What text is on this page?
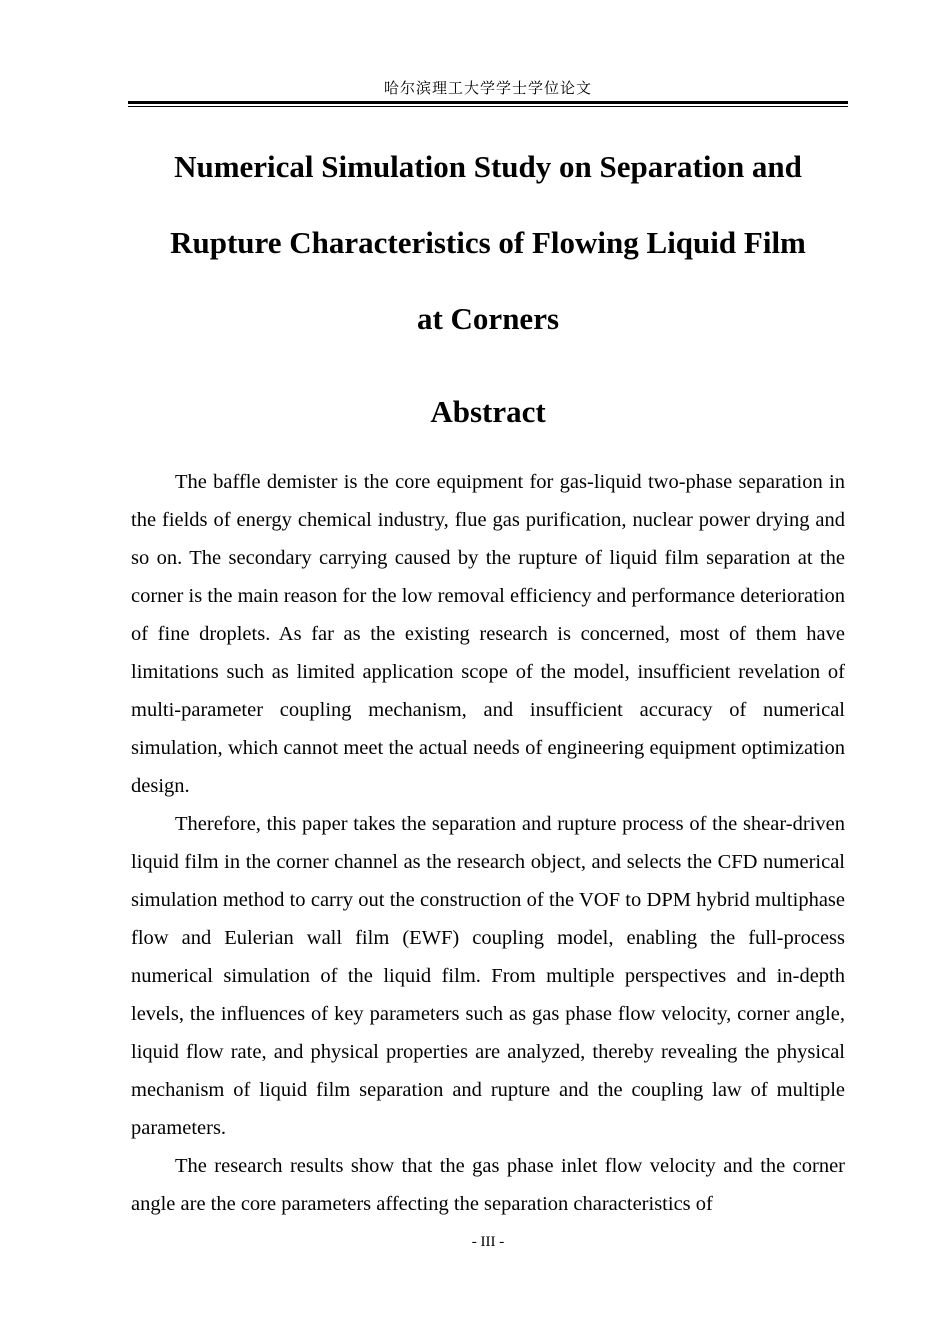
哈尔滨理工大学学士学位论文
Numerical Simulation Study on Separation and
Rupture Characteristics of Flowing Liquid Film
at Corners
Abstract

The baffle demister is the core equipment for gas-liquid two-phase separation in the fields of energy chemical industry, flue gas purification, nuclear power drying and so on. The secondary carrying caused by the rupture of liquid film separation at the corner is the main reason for the low removal efficiency and performance deterioration of fine droplets. As far as the existing research is concerned, most of them have limitations such as limited application scope of the model, insufficient revelation of multi-parameter coupling mechanism, and insufficient accuracy of numerical simulation, which cannot meet the actual needs of engineering equipment optimization design.

Therefore, this paper takes the separation and rupture process of the shear-driven liquid film in the corner channel as the research object, and selects the CFD numerical simulation method to carry out the construction of the VOF to DPM hybrid multiphase flow and Eulerian wall film (EWF) coupling model, enabling the full-process numerical simulation of the liquid film. From multiple perspectives and in-depth levels, the influences of key parameters such as gas phase flow velocity, corner angle, liquid flow rate, and physical properties are analyzed, thereby revealing the physical mechanism of liquid film separation and rupture and the coupling law of multiple parameters.

The research results show that the gas phase inlet flow velocity and the corner angle are the core parameters affecting the separation characteristics of

- III -
